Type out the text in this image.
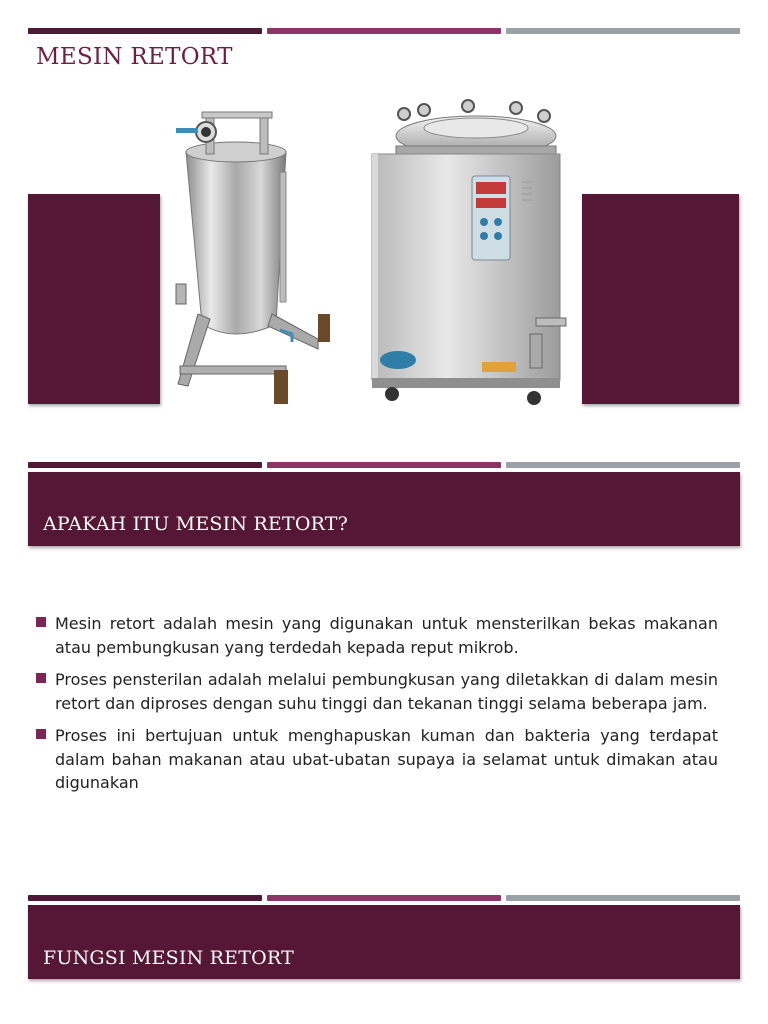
MESIN RETORT
APAKAH ITU MESIN RETORT?
Mesin retort adalah mesin yang digunakan untuk mensterilkan bekas makanan atau pembungkusan yang terdedah kepada reput mikrob.
Proses pensterilan adalah melalui pembungkusan yang diletakkan di dalam mesin retort dan diproses dengan suhu tinggi dan tekanan tinggi selama beberapa jam.
Proses ini bertujuan untuk menghapuskan kuman dan bakteria yang terdapat dalam bahan makanan atau ubat-ubatan supaya ia selamat untuk dimakan atau digunakan
FUNGSI MESIN RETORT
